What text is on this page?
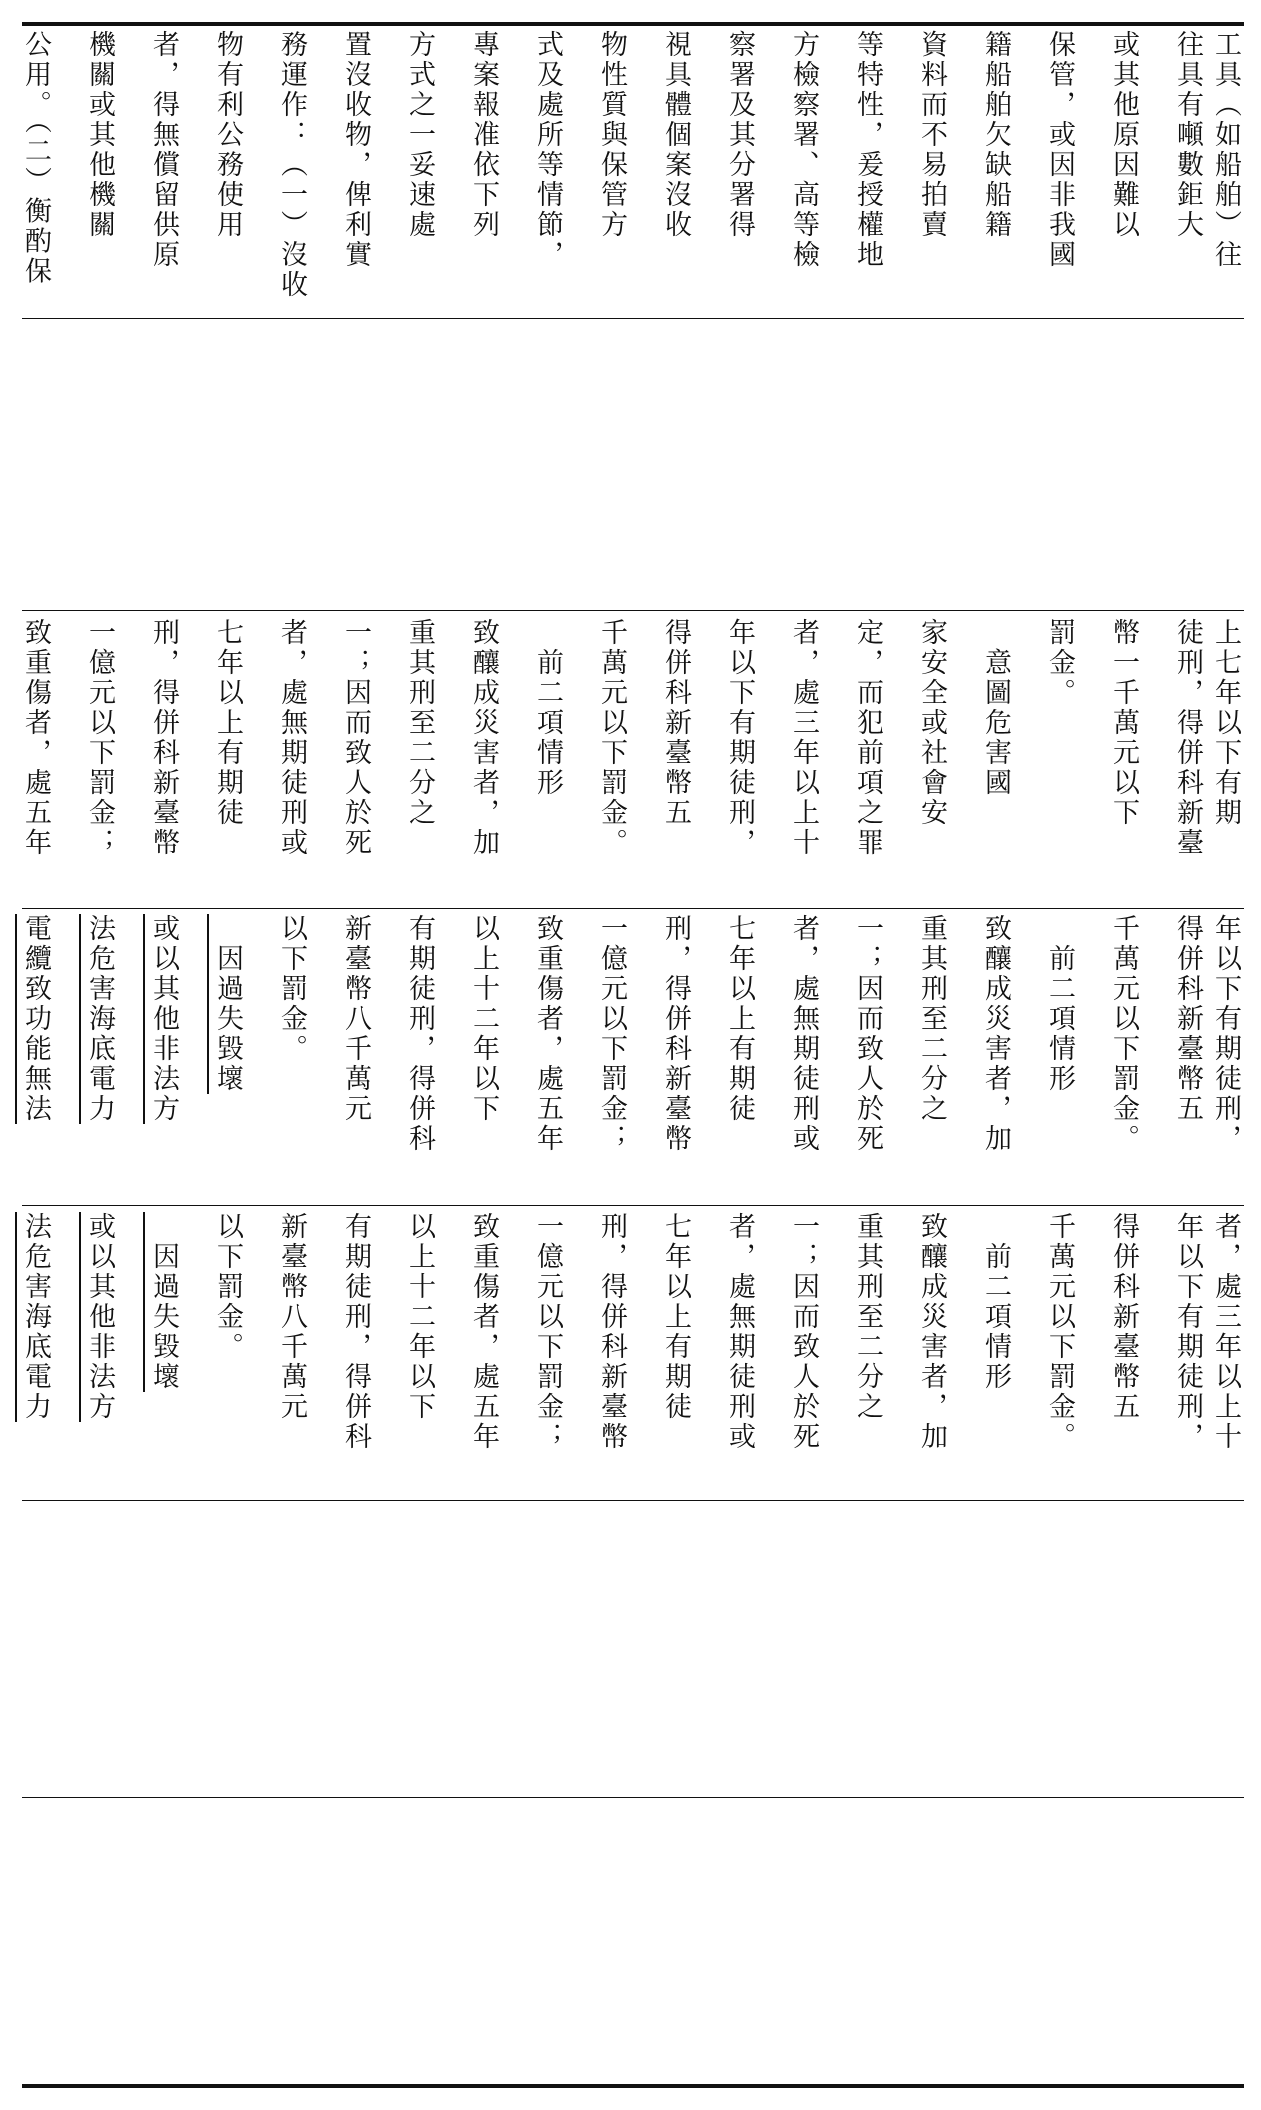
工具（如船舶）往
往具有噸數鉅大
或其他原因難以
保管，或因非我國
籍船舶欠缺船籍
資料而不易拍賣
等特性，爰授權地
方檢察署、高等檢
察署及其分署得
視具體個案沒收
物性質與保管方
式及處所等情節，
專案報准依下列
方式之一妥速處
置沒收物，俾利實
務運作：（一）沒收
物有利公務使用
者，得無償留供原
機關或其他機關
公用。（二）衡酌保
上七年以下有期
徒刑，得併科新臺
幣一千萬元以下
罰金。
　意圖危害國
家安全或社會安
定，而犯前項之罪
者，處三年以上十
年以下有期徒刑，
得併科新臺幣五
千萬元以下罰金。
　前二項情形
致釀成災害者，加
重其刑至二分之
一；因而致人於死
者，處無期徒刑或
七年以上有期徒
刑，得併科新臺幣
一億元以下罰金；
致重傷者，處五年
年以下有期徒刑，
得併科新臺幣五
千萬元以下罰金。
　前二項情形
致釀成災害者，加
重其刑至二分之
一；因而致人於死
者，處無期徒刑或
七年以上有期徒
刑，得併科新臺幣
一億元以下罰金；
致重傷者，處五年
以上十二年以下
有期徒刑，得併科
新臺幣八千萬元
以下罰金。
　因過失毀壞
或以其他非法方
法危害海底電力
電纜致功能無法
者，處三年以上十
年以下有期徒刑，
得併科新臺幣五
千萬元以下罰金。
　前二項情形
致釀成災害者，加
重其刑至二分之
一；因而致人於死
者，處無期徒刑或
七年以上有期徒
刑，得併科新臺幣
一億元以下罰金；
致重傷者，處五年
以上十二年以下
有期徒刑，得併科
新臺幣八千萬元
以下罰金。
　因過失毀壞
或以其他非法方
法危害海底電力
